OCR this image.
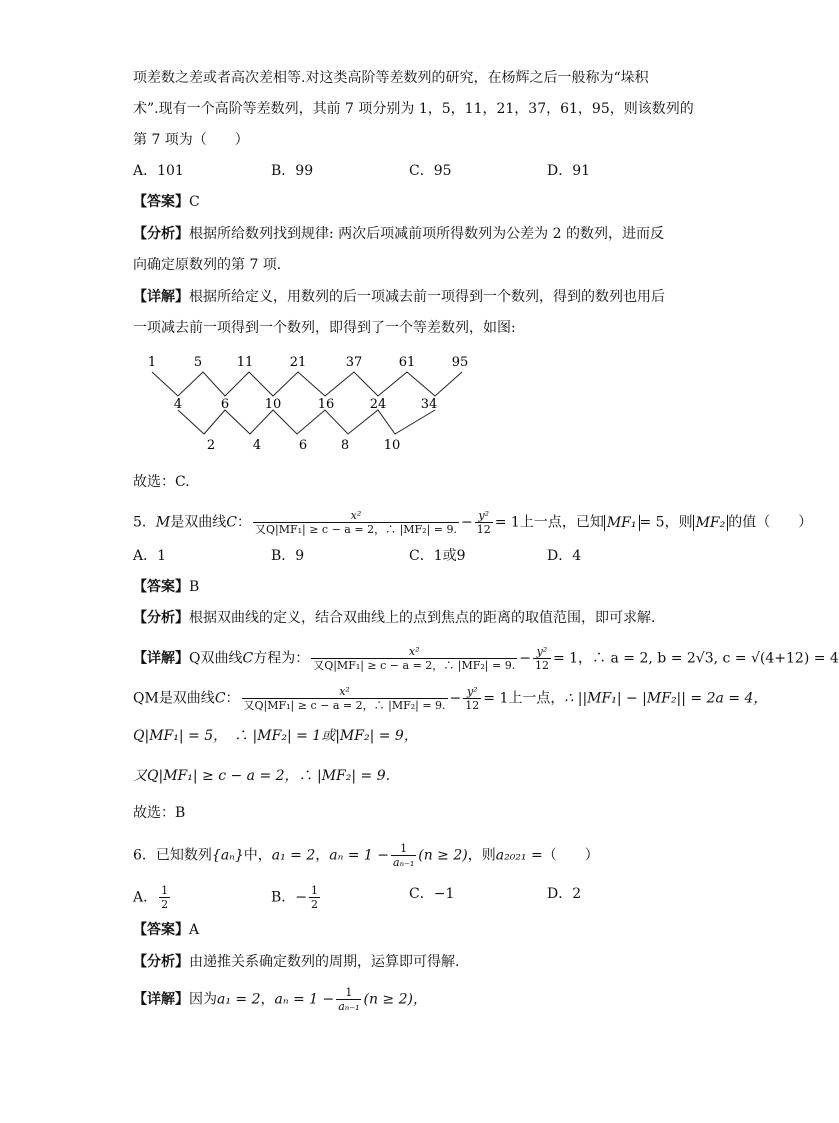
项差数之差或者高次差相等.对这类高阶等差数列的研究，在杨辉之后一般称为“垛积
术”.现有一个高阶等差数列，其前 7 项分别为 1，5，11，21，37，61，95，则该数列的
第 7 项为（　　）
A．101	B．99	C．95	D．91
【答案】C
【分析】根据所给数列找到规律: 两次后项减前项所得数列为公差为 2 的数列，进而反
向确定原数列的第 7 项.
【详解】根据所给定义，用数列的后一项减去前一项得到一个数列，得到的数列也用后
一项减去前一项得到一个数列，即得到了一个等差数列，如图:
1	5	11	21	37	61	95
4	6	10	16	24	34
2	4	6	8	10
故选：C.
5．M是双曲线C： $\frac{\text{x²}}{\text{又Q|MF₁| ≥ c − a = 2，∴ |MF₂| = 9.}} - \frac{\text{y²}}{12} = 1$上一点，已知 MF₁ = 5，则 MF₂ 的值（　　）
A．1	B．9	C．1或9	D．4
【答案】B
【分析】根据双曲线的定义，结合双曲线上的点到焦点的距离的取值范围，即可求解.
【详解】Q双曲线C方程为： $\frac{\text{x²}}{\text{又Q|MF₁| ≥ c − a = 2，∴ |MF₂| = 9.}} - \frac{\text{y²}}{12} = 1$，∴ a = 2, b = 2√3, c = √(4+12) = 4
QM是双曲线C： $\frac{\text{x²}}{\text{又Q|MF₁| ≥ c − a = 2，∴ |MF₂| = 9.}} - \frac{\text{y²}}{12} = 1$上一点，∴ ||MF₁| − |MF₂|| = 2a = 4，
Q|MF₁| = 5，　∴ |MF₂| = 1或|MF₂| = 9，
又Q|MF₁| ≥ c − a = 2，∴ |MF₂| = 9.
故选：B
6．已知数列{aₙ}中，a₁ = 2，$a_n = 1 - \frac{1}{\text{aₙ₋₁}} (n \ge 2)$，则a₂₀₂₁ =（　　）
A． $\frac{1}{2}$	B．− $\frac{1}{2}$	C．−1	D．2
【答案】A
【分析】由递推关系确定数列的周期，运算即可得解.
【详解】因为a₁ = 2，$a_n = 1 - \frac{1}{\text{aₙ₋₁}} (n \ge 2)$，
